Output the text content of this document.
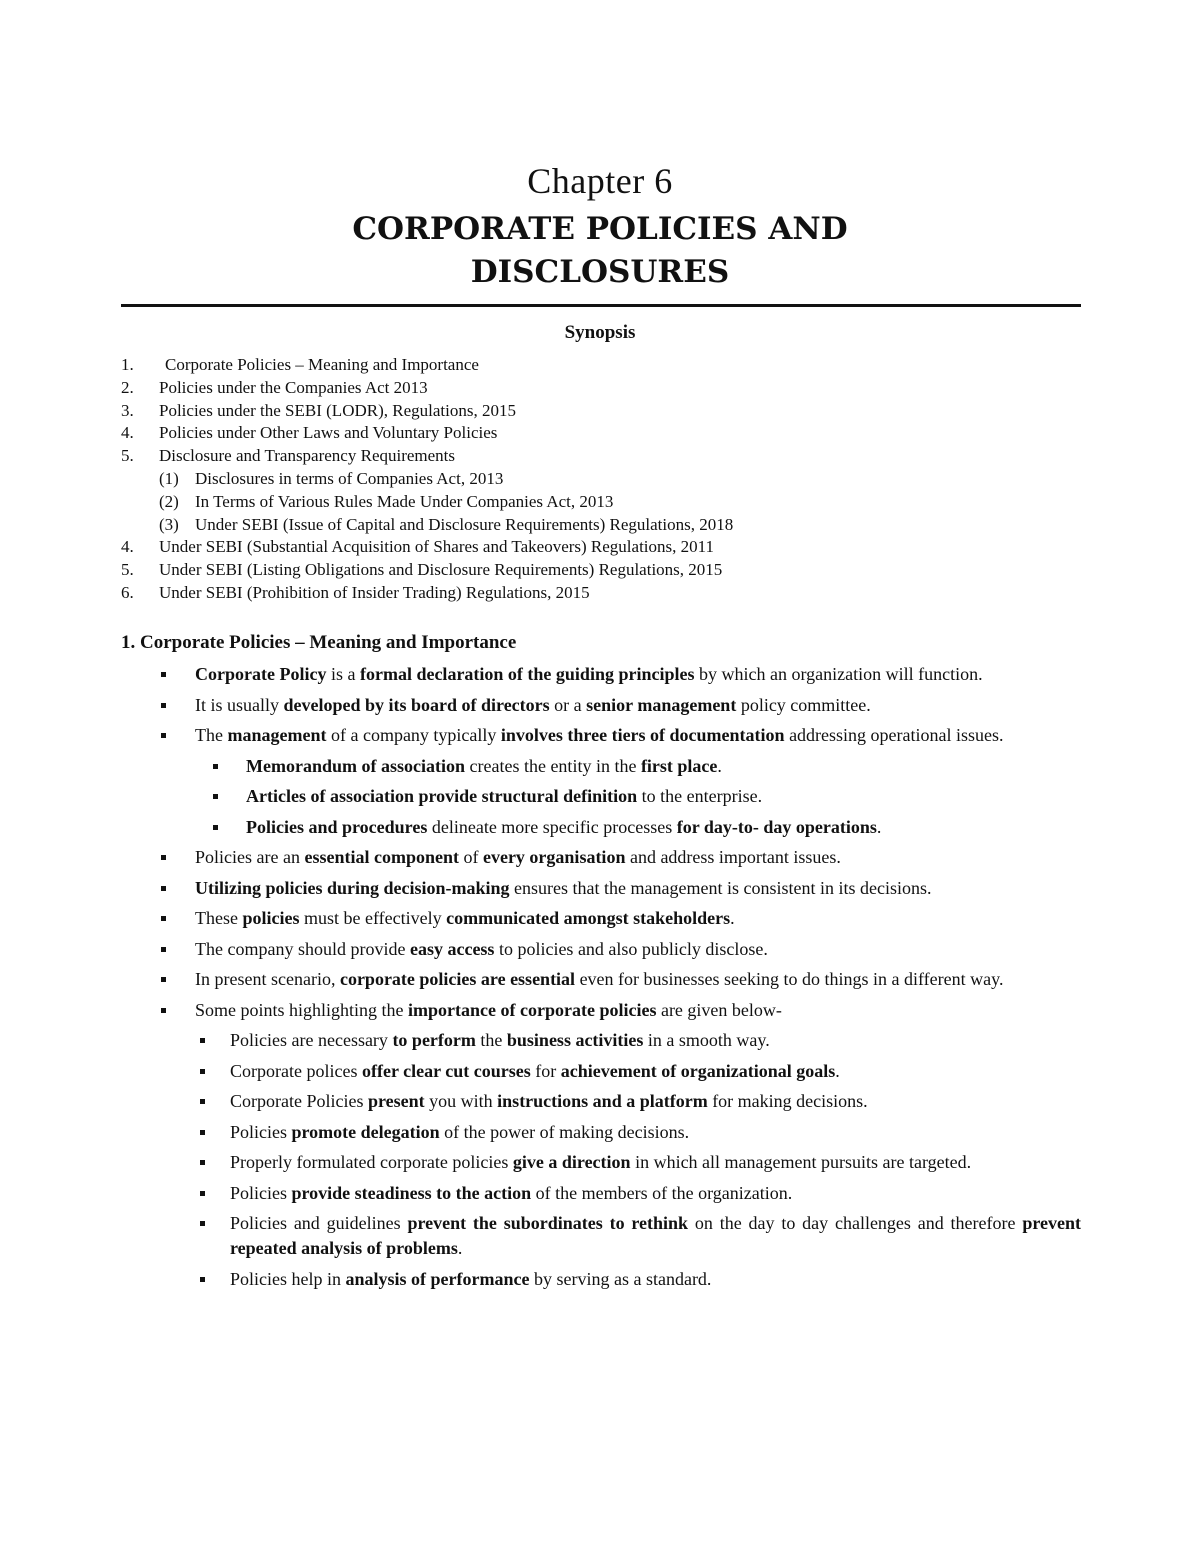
Chapter 6
CORPORATE POLICIES AND
DISCLOSURES
Synopsis
1. Corporate Policies – Meaning and Importance
2. Policies under the Companies Act 2013
3. Policies under the SEBI (LODR), Regulations, 2015
4. Policies under Other Laws and Voluntary Policies
5. Disclosure and Transparency Requirements
(1) Disclosures in terms of Companies Act, 2013
(2) In Terms of Various Rules Made Under Companies Act, 2013
(3) Under SEBI (Issue of Capital and Disclosure Requirements) Regulations, 2018
4. Under SEBI (Substantial Acquisition of Shares and Takeovers) Regulations, 2011
5. Under SEBI (Listing Obligations and Disclosure Requirements) Regulations, 2015
6. Under SEBI (Prohibition of Insider Trading) Regulations, 2015
1. Corporate Policies – Meaning and Importance
Corporate Policy is a formal declaration of the guiding principles by which an organization will function.
It is usually developed by its board of directors or a senior management policy committee.
The management of a company typically involves three tiers of documentation addressing operational issues.
Memorandum of association creates the entity in the first place.
Articles of association provide structural definition to the enterprise.
Policies and procedures delineate more specific processes for day-to- day operations.
Policies are an essential component of every organisation and address important issues.
Utilizing policies during decision-making ensures that the management is consistent in its decisions.
These policies must be effectively communicated amongst stakeholders.
The company should provide easy access to policies and also publicly disclose.
In present scenario, corporate policies are essential even for businesses seeking to do things in a different way.
Some points highlighting the importance of corporate policies are given below-
Policies are necessary to perform the business activities in a smooth way.
Corporate polices offer clear cut courses for achievement of organizational goals.
Corporate Policies present you with instructions and a platform for making decisions.
Policies promote delegation of the power of making decisions.
Properly formulated corporate policies give a direction in which all management pursuits are targeted.
Policies provide steadiness to the action of the members of the organization.
Policies and guidelines prevent the subordinates to rethink on the day to day challenges and therefore prevent repeated analysis of problems.
Policies help in analysis of performance by serving as a standard.
